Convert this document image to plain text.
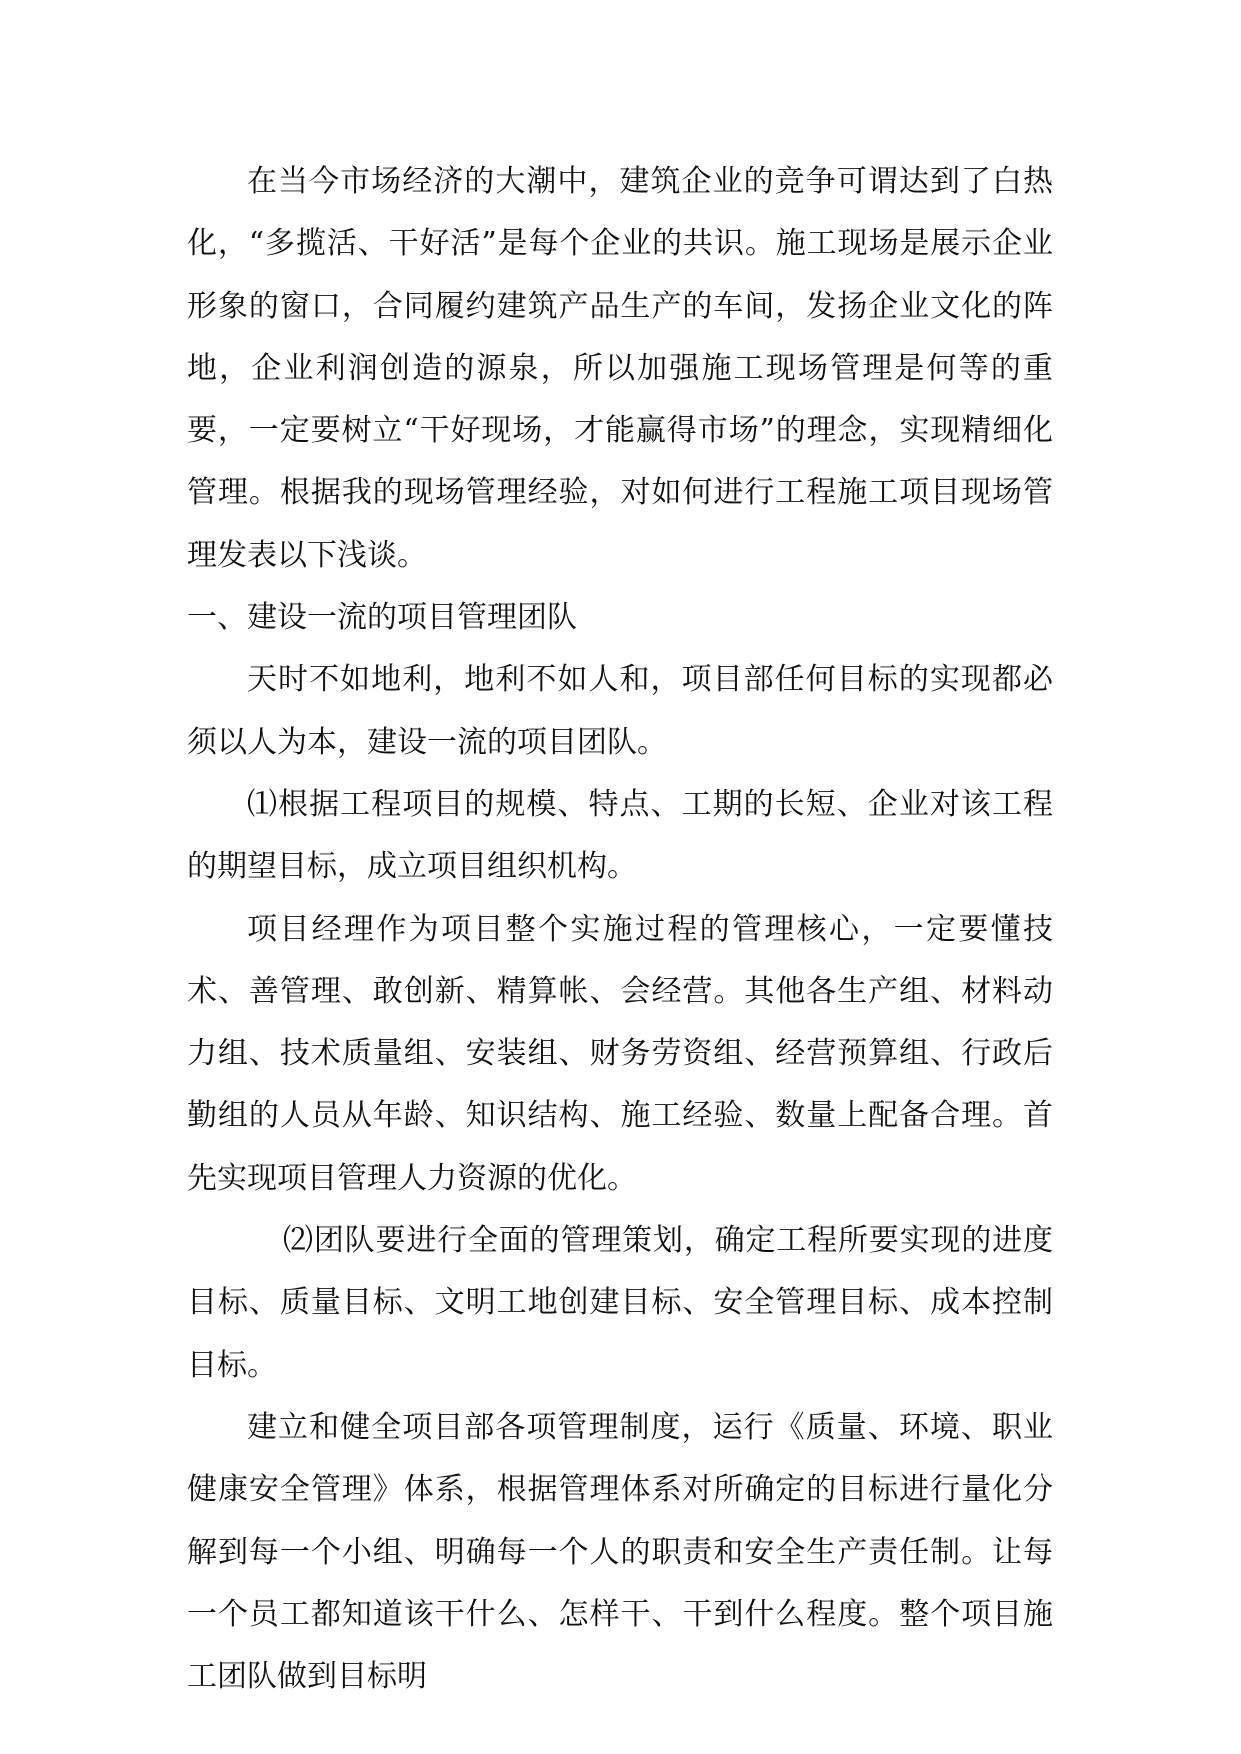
在当今市场经济的大潮中，建筑企业的竞争可谓达到了白热化，“多揽活、干好活”是每个企业的共识。施工现场是展示企业形象的窗口，合同履约建筑产品生产的车间，发扬企业文化的阵地，企业利润创造的源泉，所以加强施工现场管理是何等的重要，一定要树立“干好现场，才能赢得市场”的理念，实现精细化管理。根据我的现场管理经验，对如何进行工程施工项目现场管理发表以下浅谈。

一、建设一流的项目管理团队

天时不如地利，地利不如人和，项目部任何目标的实现都必须以人为本，建设一流的项目团队。

⑴根据工程项目的规模、特点、工期的长短、企业对该工程的期望目标，成立项目组织机构。

项目经理作为项目整个实施过程的管理核心，一定要懂技术、善管理、敢创新、精算帐、会经营。其他各生产组、材料动力组、技术质量组、安装组、财务劳资组、经营预算组、行政后勤组的人员从年龄、知识结构、施工经验、数量上配备合理。首先实现项目管理人力资源的优化。

⑵团队要进行全面的管理策划，确定工程所要实现的进度目标、质量目标、文明工地创建目标、安全管理目标、成本控制目标。

建立和健全项目部各项管理制度，运行《质量、环境、职业健康安全管理》体系，根据管理体系对所确定的目标进行量化分解到每一个小组、明确每一个人的职责和安全生产责任制。让每一个员工都知道该干什么、怎样干、干到什么程度。整个项目施工团队做到目标明
